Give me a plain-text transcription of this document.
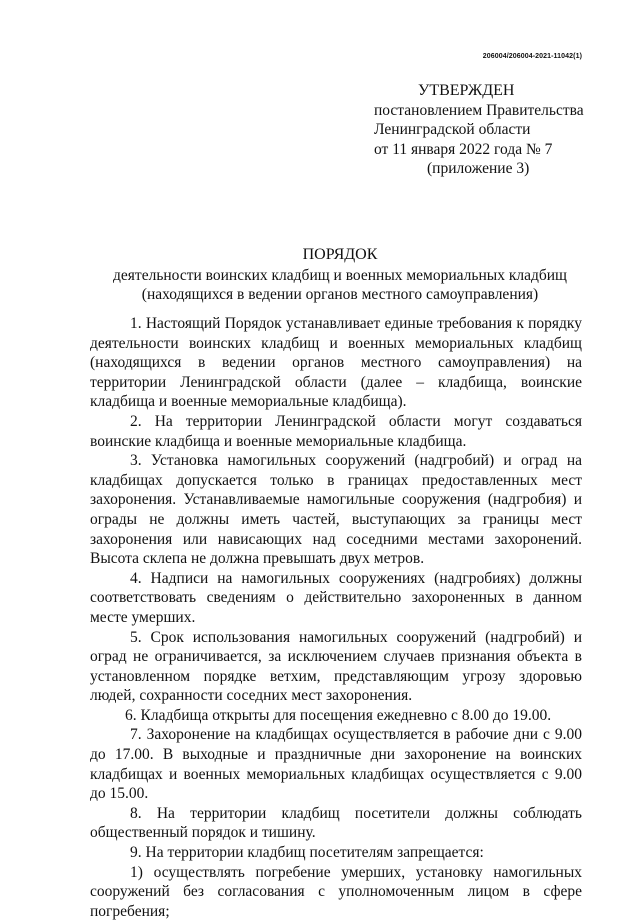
206004/206004-2021-11042(1)
УТВЕРЖДЕН
постановлением Правительства
Ленинградской области
от 11 января 2022 года № 7
(приложение 3)
ПОРЯДОК
деятельности воинских кладбищ и военных мемориальных кладбищ
(находящихся в ведении органов местного самоуправления)

1. Настоящий Порядок устанавливает единые требования к порядку деятельности воинских кладбищ и военных мемориальных кладбищ (находящихся в ведении органов местного самоуправления) на территории Ленинградской области (далее – кладбища, воинские кладбища и военные мемориальные кладбища).

2. На территории Ленинградской области могут создаваться воинские кладбища и военные мемориальные кладбища.

3. Установка намогильных сооружений (надгробий) и оград на кладбищах допускается только в границах предоставленных мест захоронения. Устанавливаемые намогильные сооружения (надгробия) и ограды не должны иметь частей, выступающих за границы мест захоронения или нависающих над соседними местами захоронений. Высота склепа не должна превышать двух метров.

4. Надписи на намогильных сооружениях (надгробиях) должны соответствовать сведениям о действительно захороненных в данном месте умерших.

5. Срок использования намогильных сооружений (надгробий) и оград не ограничивается, за исключением случаев признания объекта в установленном порядке ветхим, представляющим угрозу здоровью людей, сохранности соседних мест захоронения.

6. Кладбища открыты для посещения ежедневно с 8.00 до 19.00.

7. Захоронение на кладбищах осуществляется в рабочие дни с 9.00 до 17.00. В выходные и праздничные дни захоронение на воинских кладбищах и военных мемориальных кладбищах осуществляется с 9.00 до 15.00.

8. На территории кладбищ посетители должны соблюдать общественный порядок и тишину.

9. На территории кладбищ посетителям запрещается:

1) осуществлять погребение умерших, установку намогильных сооружений без согласования с уполномоченным лицом в сфере погребения;
